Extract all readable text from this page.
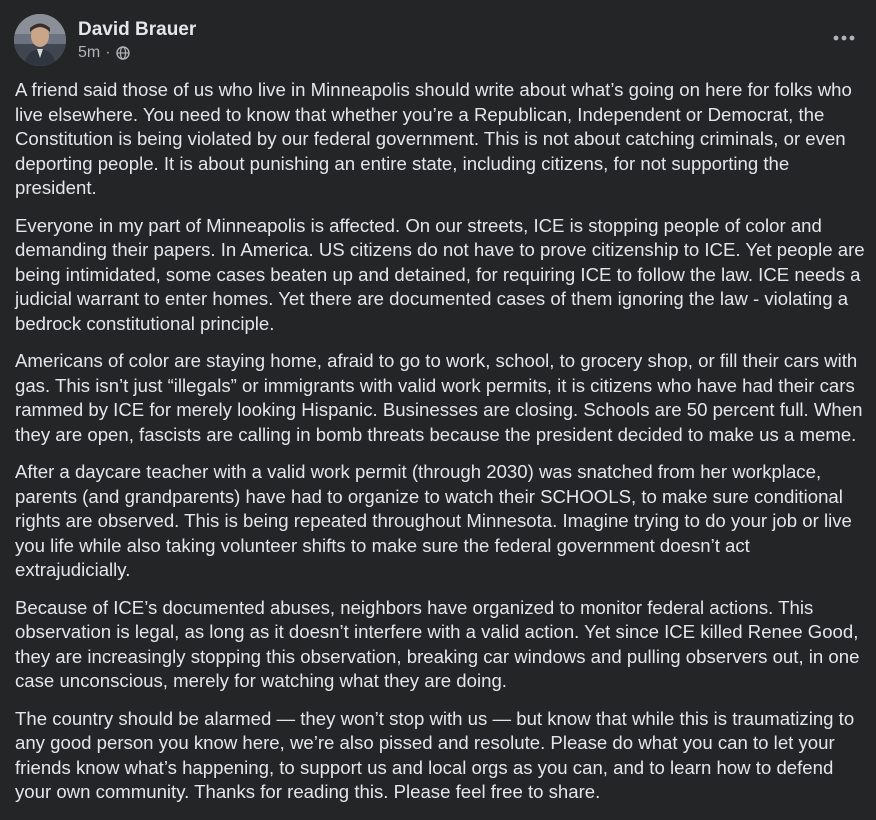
David Brauer
5m ·

A friend said those of us who live in Minneapolis should write about what’s going on here for folks who live elsewhere. You need to know that whether you’re a Republican, Independent or Democrat, the Constitution is being violated by our federal government. This is not about catching criminals, or even deporting people. It is about punishing an entire state, including citizens, for not supporting the president.

Everyone in my part of Minneapolis is affected. On our streets, ICE is stopping people of color and demanding their papers. In America. US citizens do not have to prove citizenship to ICE. Yet people are being intimidated, some cases beaten up and detained, for requiring ICE to follow the law. ICE needs a judicial warrant to enter homes. Yet there are documented cases of them ignoring the law - violating a bedrock constitutional principle.

Americans of color are staying home, afraid to go to work, school, to grocery shop, or fill their cars with gas. This isn’t just “illegals” or immigrants with valid work permits, it is citizens who have had their cars rammed by ICE for merely looking Hispanic. Businesses are closing. Schools are 50 percent full. When they are open, fascists are calling in bomb threats because the president decided to make us a meme.

After a daycare teacher with a valid work permit (through 2030) was snatched from her workplace, parents (and grandparents) have had to organize to watch their SCHOOLS, to make sure conditional rights are observed. This is being repeated throughout Minnesota. Imagine trying to do your job or live you life while also taking volunteer shifts to make sure the federal government doesn’t act extrajudicially.

Because of ICE’s documented abuses, neighbors have organized to monitor federal actions. This observation is legal, as long as it doesn’t interfere with a valid action. Yet since ICE killed Renee Good, they are increasingly stopping this observation, breaking car windows and pulling observers out, in one case unconscious, merely for watching what they are doing.

The country should be alarmed — they won’t stop with us — but know that while this is traumatizing to any good person you know here, we’re also pissed and resolute. Please do what you can to let your friends know what’s happening, to support us and local orgs as you can, and to learn how to defend your own community. Thanks for reading this. Please feel free to share.
